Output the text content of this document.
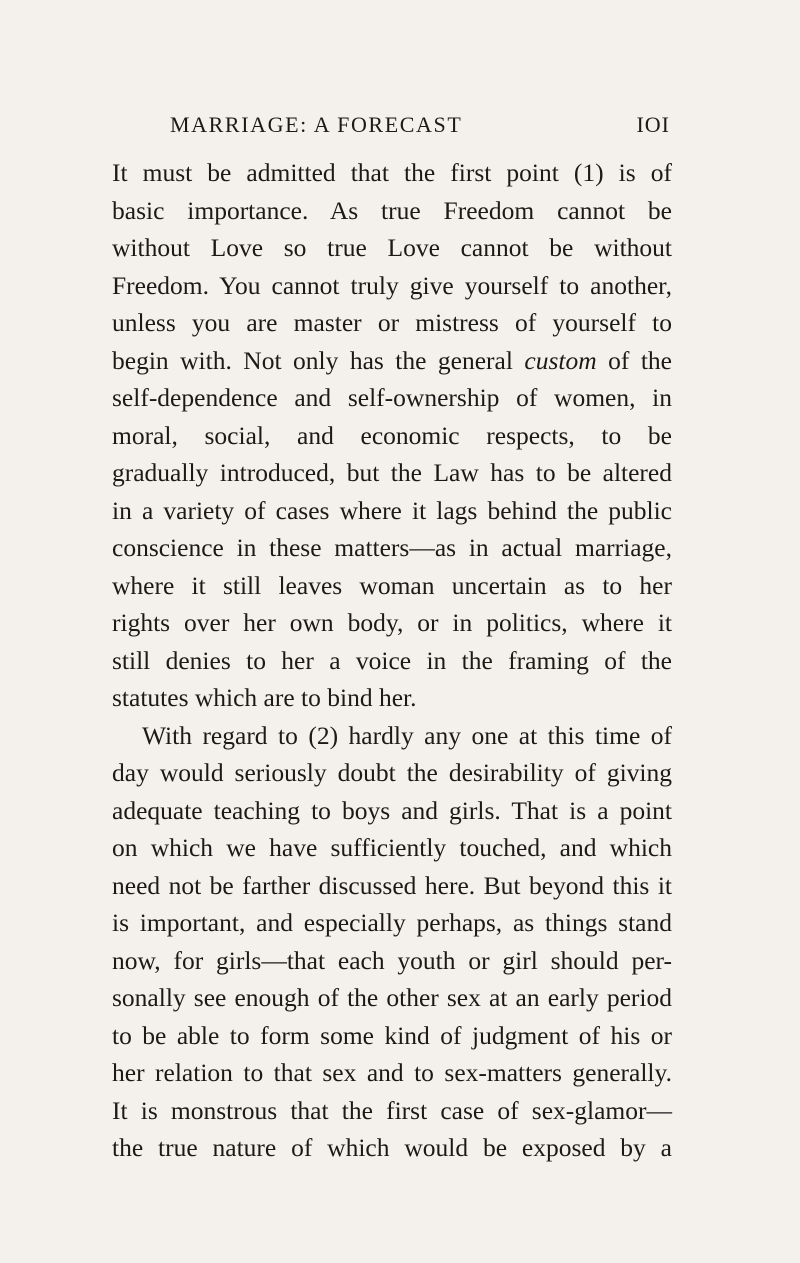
MARRIAGE: A FORECAST	IOI
It must be admitted that the first point (1) is of
basic importance. As true Freedom cannot be
without Love so true Love cannot be without
Freedom. You cannot truly give yourself to another,
unless you are master or mistress of yourself to
begin with. Not only has the general custom of the
self-dependence and self-ownership of women, in
moral, social, and economic respects, to be
gradually introduced, but the Law has to be altered
in a variety of cases where it lags behind the public
conscience in these matters—as in actual marriage,
where it still leaves woman uncertain as to her
rights over her own body, or in politics, where it
still denies to her a voice in the framing of the
statutes which are to bind her.
With regard to (2) hardly any one at this time of
day would seriously doubt the desirability of giving
adequate teaching to boys and girls. That is a point
on which we have sufficiently touched, and which
need not be farther discussed here. But beyond this it
is important, and especially perhaps, as things stand
now, for girls—that each youth or girl should per-
sonally see enough of the other sex at an early period
to be able to form some kind of judgment of his or
her relation to that sex and to sex-matters generally.
It is monstrous that the first case of sex-glamor—
the true nature of which would be exposed by a
